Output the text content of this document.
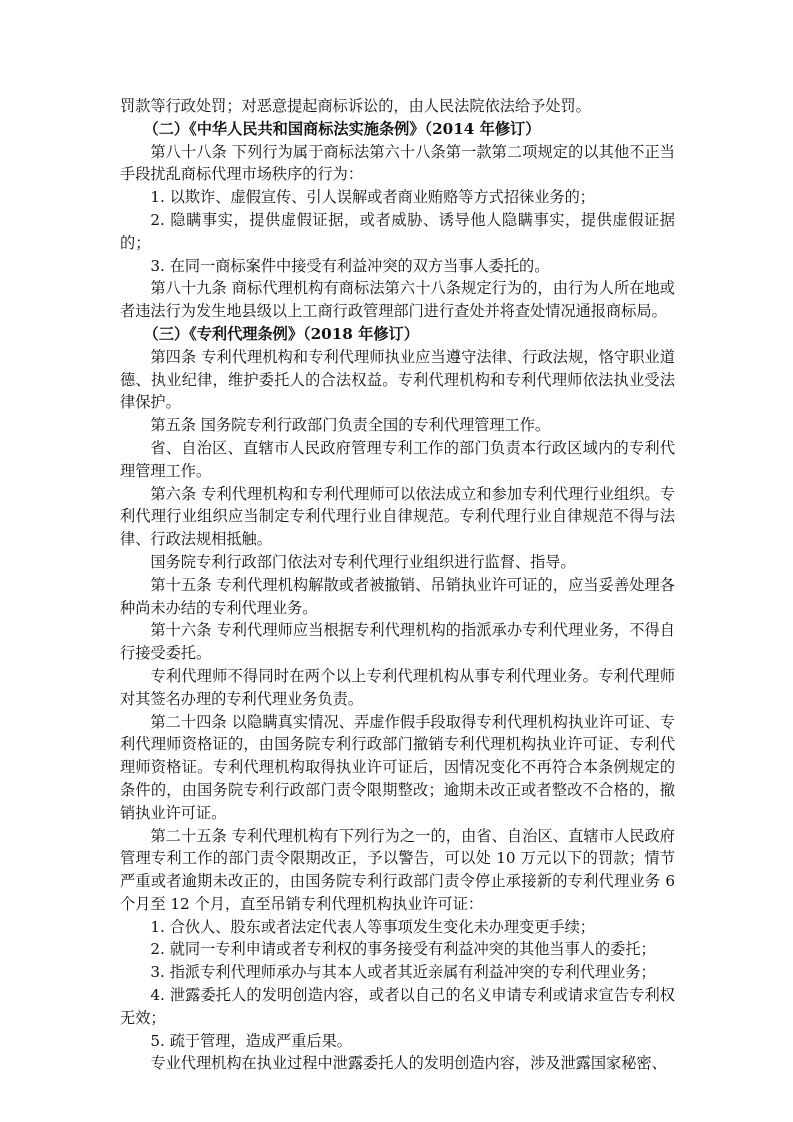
罚款等行政处罚；对恶意提起商标诉讼的，由人民法院依法给予处罚。

（二）《中华人民共和国商标法实施条例》（2014 年修订）

第八十八条 下列行为属于商标法第六十八条第一款第二项规定的以其他不正当手段扰乱商标代理市场秩序的行为：

1. 以欺诈、虚假宣传、引人误解或者商业贿赂等方式招徕业务的；

2. 隐瞒事实，提供虚假证据，或者威胁、诱导他人隐瞒事实，提供虚假证据的；

3. 在同一商标案件中接受有利益冲突的双方当事人委托的。

第八十九条 商标代理机构有商标法第六十八条规定行为的，由行为人所在地或者违法行为发生地县级以上工商行政管理部门进行查处并将查处情况通报商标局。

（三）《专利代理条例》（2018 年修订）

第四条 专利代理机构和专利代理师执业应当遵守法律、行政法规，恪守职业道德、执业纪律，维护委托人的合法权益。专利代理机构和专利代理师依法执业受法律保护。

第五条 国务院专利行政部门负责全国的专利代理管理工作。

省、自治区、直辖市人民政府管理专利工作的部门负责本行政区域内的专利代理管理工作。

第六条 专利代理机构和专利代理师可以依法成立和参加专利代理行业组织。专利代理行业组织应当制定专利代理行业自律规范。专利代理行业自律规范不得与法律、行政法规相抵触。

国务院专利行政部门依法对专利代理行业组织进行监督、指导。

第十五条 专利代理机构解散或者被撤销、吊销执业许可证的，应当妥善处理各种尚未办结的专利代理业务。

第十六条 专利代理师应当根据专利代理机构的指派承办专利代理业务，不得自行接受委托。

专利代理师不得同时在两个以上专利代理机构从事专利代理业务。专利代理师对其签名办理的专利代理业务负责。

第二十四条 以隐瞒真实情况、弄虚作假手段取得专利代理机构执业许可证、专利代理师资格证的，由国务院专利行政部门撤销专利代理机构执业许可证、专利代理师资格证。专利代理机构取得执业许可证后，因情况变化不再符合本条例规定的条件的，由国务院专利行政部门责令限期整改；逾期未改正或者整改不合格的，撤销执业许可证。

第二十五条 专利代理机构有下列行为之一的，由省、自治区、直辖市人民政府管理专利工作的部门责令限期改正，予以警告，可以处 10 万元以下的罚款；情节严重或者逾期未改正的，由国务院专利行政部门责令停止承接新的专利代理业务 6 个月至 12 个月，直至吊销专利代理机构执业许可证：

1. 合伙人、股东或者法定代表人等事项发生变化未办理变更手续；

2. 就同一专利申请或者专利权的事务接受有利益冲突的其他当事人的委托；

3. 指派专利代理师承办与其本人或者其近亲属有利益冲突的专利代理业务；

4. 泄露委托人的发明创造内容，或者以自己的名义申请专利或请求宣告专利权无效；

5. 疏于管理，造成严重后果。

专业代理机构在执业过程中泄露委托人的发明创造内容，涉及泄露国家秘密、
